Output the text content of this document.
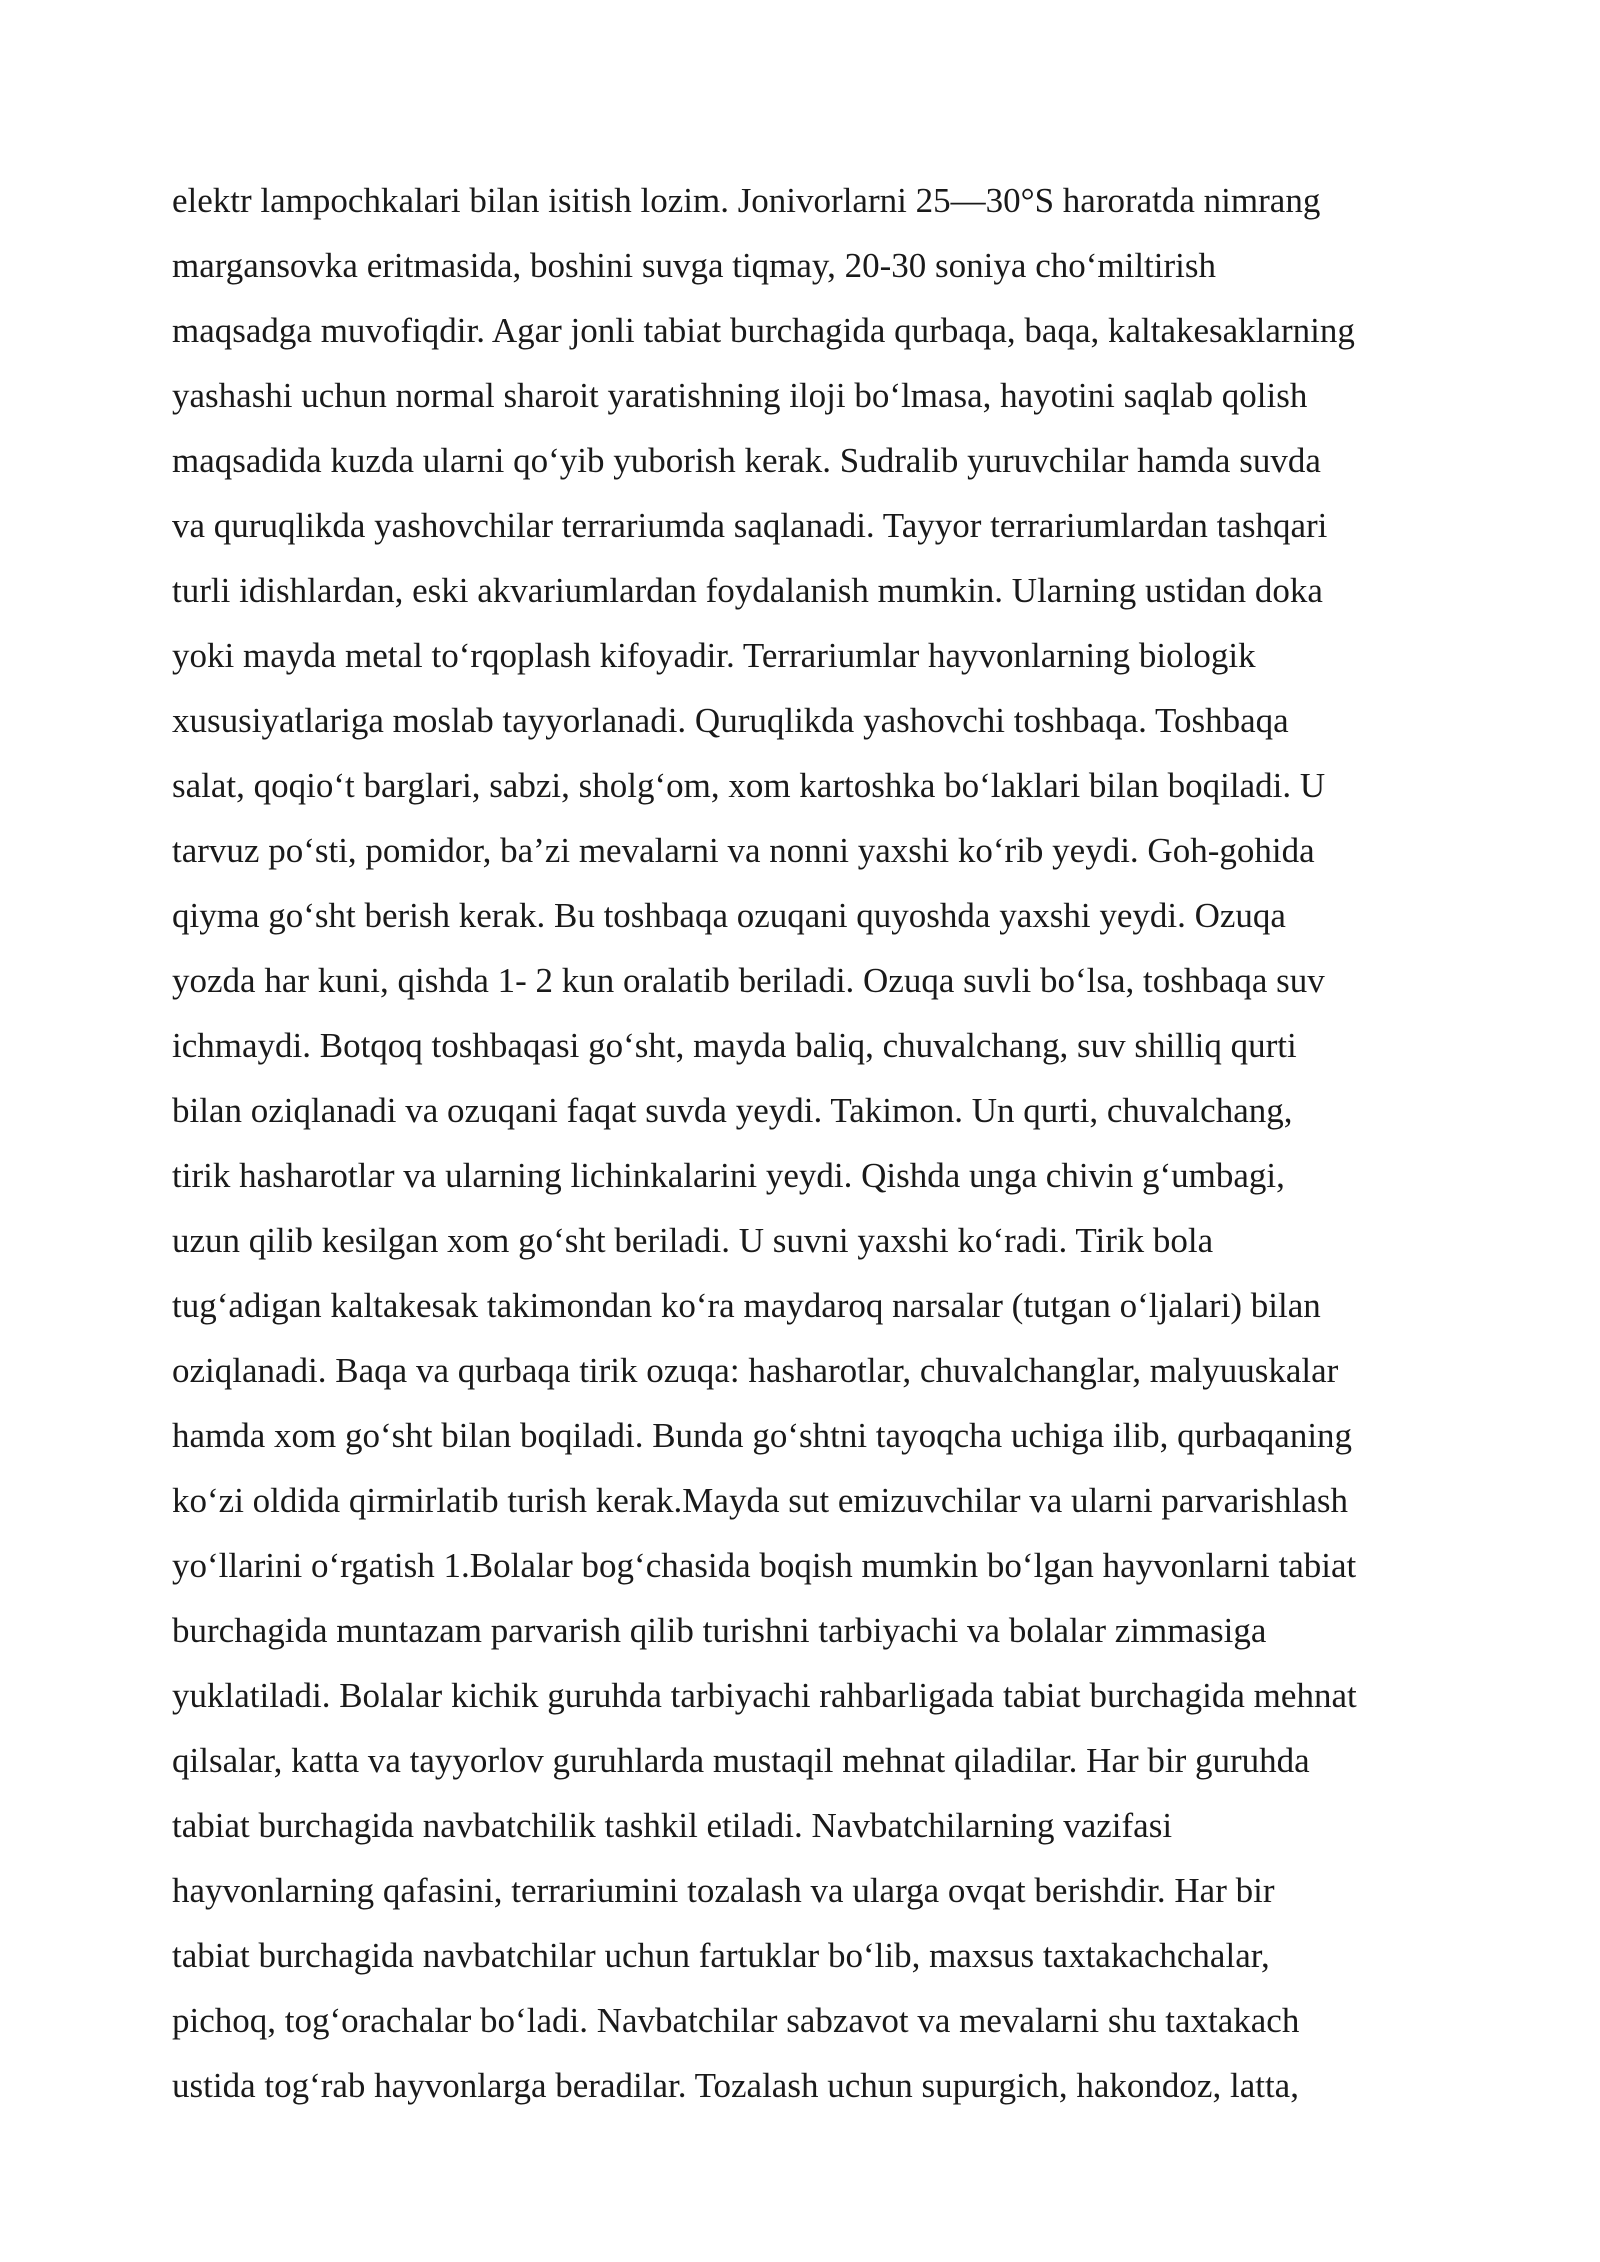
elektr lampochkalari bilan isitish lozim. Jonivorlarni 25—30°S haroratda nimrang
margansovka eritmasida, boshini suvga tiqmay, 20-30 soniya choʻmiltirish
maqsadga muvofiqdir. Agar jonli tabiat burchagida qurbaqa, baqa, kaltakesaklarning
yashashi uchun normal sharoit yaratishning iloji boʻlmasa, hayotini saqlab qolish
maqsadida kuzda ularni qoʻyib yuborish kerak. Sudralib yuruvchilar hamda suvda
va quruqlikda yashovchilar terrariumda saqlanadi. Tayyor terrariumlardan tashqari
turli idishlardan, eski akvariumlardan foydalanish mumkin. Ularning ustidan doka
yoki mayda metal toʻrqoplash kifoyadir. Terrariumlar hayvonlarning biologik
xususiyatlariga moslab tayyorlanadi. Quruqlikda yashovchi toshbaqa. Toshbaqa
salat, qoqioʻt barglari, sabzi, sholgʻom, xom kartoshka boʻlaklari bilan boqiladi. U
tarvuz poʻsti, pomidor, ba’zi mevalarni va nonni yaxshi koʻrib yeydi. Goh-gohida
qiyma goʻsht berish kerak. Bu toshbaqa ozuqani quyoshda yaxshi yeydi. Ozuqa
yozda har kuni, qishda 1- 2 kun oralatib beriladi. Ozuqa suvli boʻlsa, toshbaqa suv
ichmaydi. Botqoq toshbaqasi goʻsht, mayda baliq, chuvalchang, suv shilliq qurti
bilan oziqlanadi va ozuqani faqat suvda yeydi. Takimon. Un qurti, chuvalchang,
tirik hasharotlar va ularning lichinkalarini yeydi. Qishda unga chivin gʻumbagi,
uzun qilib kesilgan xom goʻsht beriladi. U suvni yaxshi koʻradi. Tirik bola
tugʻadigan kaltakesak takimondan koʻra maydaroq narsalar (tutgan oʻljalari) bilan
oziqlanadi. Baqa va qurbaqa tirik ozuqa: hasharotlar, chuvalchanglar, malyuuskalar
hamda xom goʻsht bilan boqiladi. Bunda goʻshtni tayoqcha uchiga ilib, qurbaqaning
koʻzi oldida qirmirlatib turish kerak.Mayda sut emizuvchilar va ularni parvarishlash
yoʻllarini oʻrgatish 1.Bolalar bogʻchasida boqish mumkin boʻlgan hayvonlarni tabiat
burchagida muntazam parvarish qilib turishni tarbiyachi va bolalar zimmasiga
yuklatiladi. Bolalar kichik guruhda tarbiyachi rahbarligada tabiat burchagida mehnat
qilsalar, katta va tayyorlov guruhlarda mustaqil mehnat qiladilar. Har bir guruhda
tabiat burchagida navbatchilik tashkil etiladi. Navbatchilarning vazifasi
hayvonlarning qafasini, terrariumini tozalash va ularga ovqat berishdir. Har bir
tabiat burchagida navbatchilar uchun fartuklar boʻlib, maxsus taxtakachchalar,
pichoq, togʻorachalar boʻladi. Navbatchilar sabzavot va mevalarni shu taxtakach
ustida togʻrab hayvonlarga beradilar. Tozalash uchun supurgich, hakondoz, latta,
